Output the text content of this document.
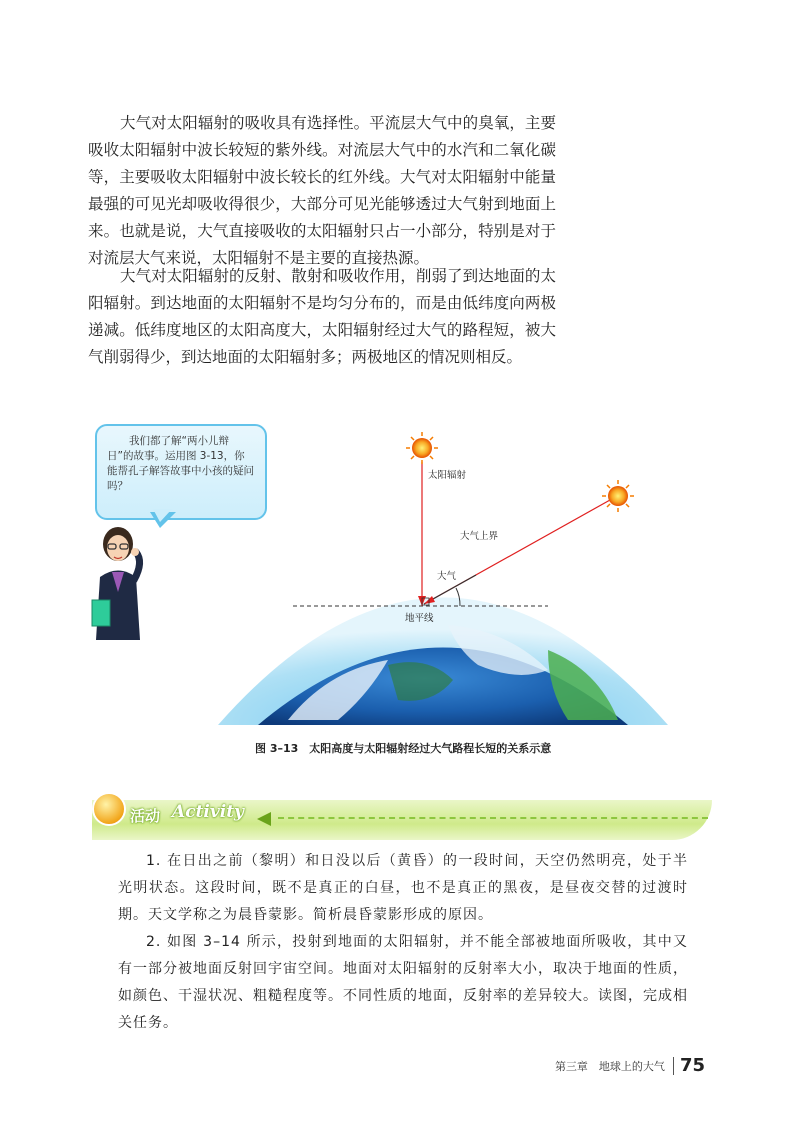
大气对太阳辐射的吸收具有选择性。平流层大气中的臭氧，主要吸收太阳辐射中波长较短的紫外线。对流层大气中的水汽和二氧化碳等，主要吸收太阳辐射中波长较长的红外线。大气对太阳辐射中能量最强的可见光却吸收得很少，大部分可见光能够透过大气射到地面上来。也就是说，大气直接吸收的太阳辐射只占一小部分，特别是对于对流层大气来说，太阳辐射不是主要的直接热源。

大气对太阳辐射的反射、散射和吸收作用，削弱了到达地面的太阳辐射。到达地面的太阳辐射不是均匀分布的，而是由低纬度向两极递减。低纬度地区的太阳高度大，太阳辐射经过大气的路程短，被大气削弱得少，到达地面的太阳辐射多；两极地区的情况则相反。

我们都了解“两小儿辩日”的故事。运用图 3-13，你能帮孔子解答故事中小孩的疑问吗？

太阳辐射
大气上界
大气
地平线
图 3–13　太阳高度与太阳辐射经过大气路程长短的关系示意
活动 Activity

1. 在日出之前（黎明）和日没以后（黄昏）的一段时间，天空仍然明亮，处于半光明状态。这段时间，既不是真正的白昼，也不是真正的黑夜，是昼夜交替的过渡时期。天文学称之为晨昏蒙影。简析晨昏蒙影形成的原因。

2. 如图 3–14 所示，投射到地面的太阳辐射，并不能全部被地面所吸收，其中又有一部分被地面反射回宇宙空间。地面对太阳辐射的反射率大小，取决于地面的性质，如颜色、干湿状况、粗糙程度等。不同性质的地面，反射率的差异较大。读图，完成相关任务。

第三章　地球上的大气 75
